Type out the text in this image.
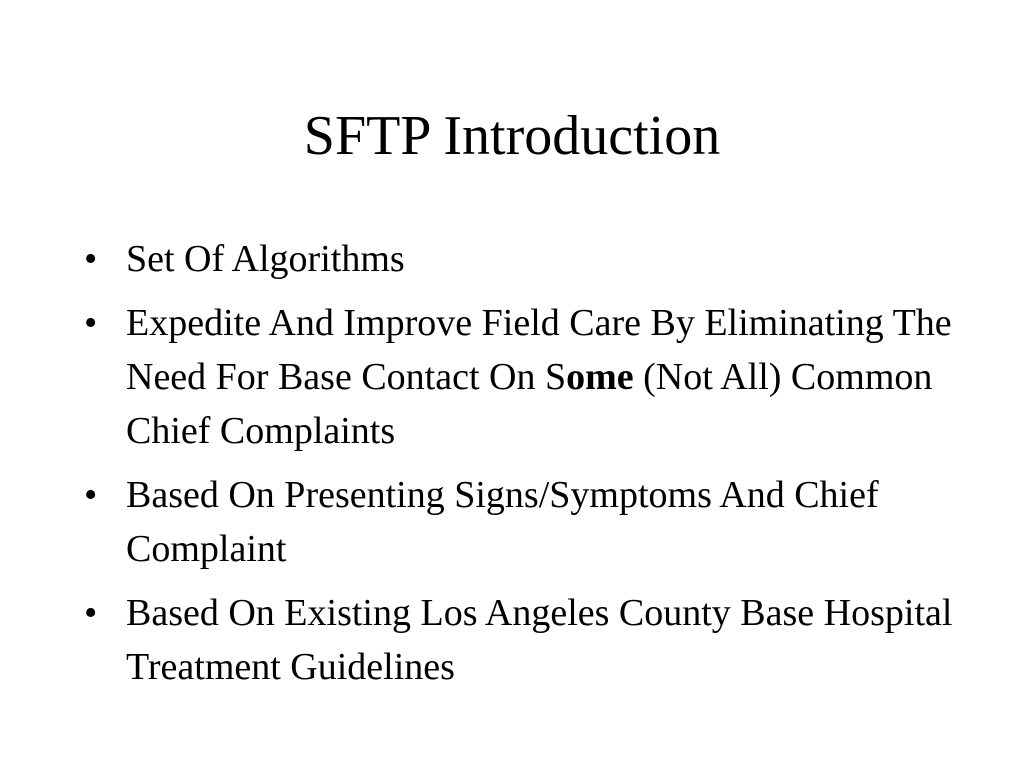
SFTP Introduction
• Set Of Algorithms
• Expedite And Improve Field Care By Eliminating The Need For Base Contact On Some (Not All) Common Chief Complaints
• Based On Presenting Signs/Symptoms And Chief Complaint
• Based On Existing Los Angeles County Base Hospital Treatment Guidelines
